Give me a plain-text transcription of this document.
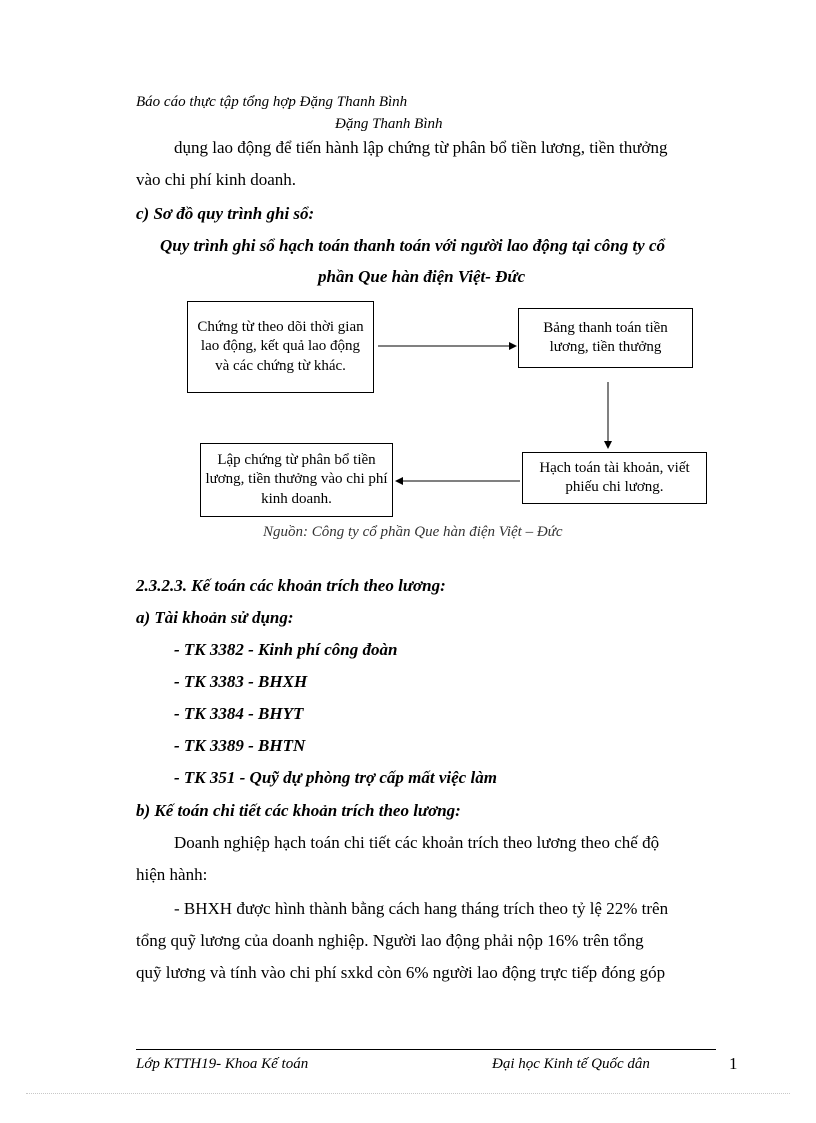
Báo cáo thực tập tổng hợp Đặng Thanh Bình
Đặng Thanh Bình
dụng lao động để tiến hành lập chứng từ phân bổ tiền lương, tiền thưởng
vào chi phí kinh doanh.
c) Sơ đồ quy trình ghi sổ:
Quy trình ghi sổ hạch toán thanh toán với người lao động tại công ty cổ
phần Que hàn điện Việt- Đức
Chứng từ theo dõi thời gian lao động, kết quả lao động và các chứng từ khác.
Bảng thanh toán tiền lương, tiền thưởng
Hạch toán tài khoản, viết phiếu chi lương.
Lập chứng từ phân bổ tiền lương, tiền thưởng vào chi phí kinh doanh.
Nguồn: Công ty cổ phần Que hàn điện Việt – Đức
2.3.2.3. Kế toán các khoản trích theo lương:
a) Tài khoản sử dụng:
- TK 3382 - Kinh phí công đoàn
- TK 3383 - BHXH
- TK 3384 - BHYT
- TK 3389 - BHTN
- TK 351 - Quỹ dự phòng trợ cấp mất việc làm
b) Kế toán chi tiết các khoản trích theo lương:
Doanh nghiệp hạch toán chi tiết các khoản trích theo lương theo chế độ
hiện hành:
- BHXH được hình thành bằng cách hang tháng trích theo tỷ lệ 22% trên
tổng quỹ lương của doanh nghiệp. Người lao động phải nộp 16% trên tổng
quỹ lương và tính vào chi phí sxkd còn 6% người lao động trực tiếp đóng góp
Lớp KTTH19- Khoa Kế toán	Đại học Kinh tế Quốc dân	1
